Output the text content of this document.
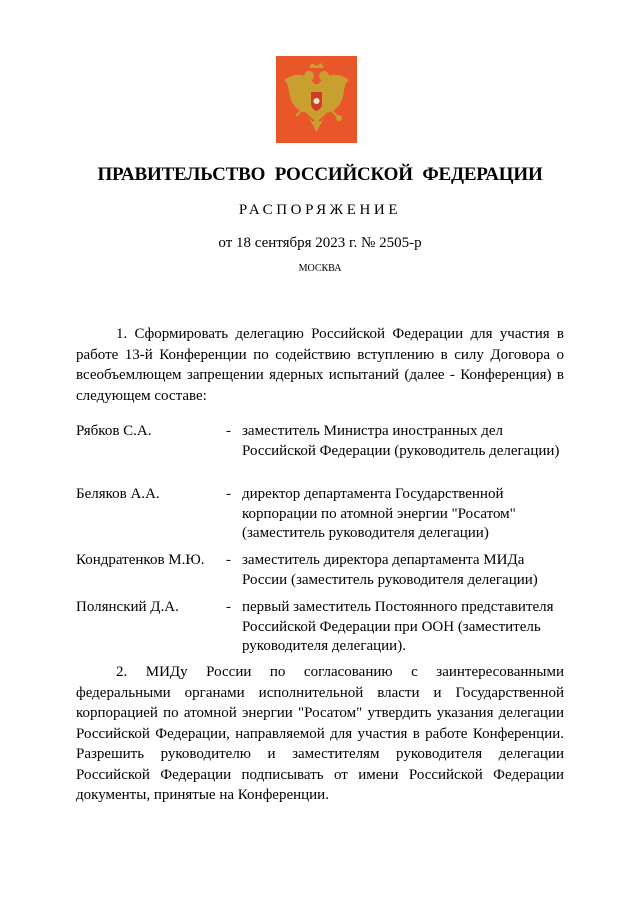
ПРАВИТЕЛЬСТВО РОССИЙСКОЙ ФЕДЕРАЦИИ
РАСПОРЯЖЕНИЕ
от 18 сентября 2023 г. № 2505-р
МОСКВА
1. Сформировать делегацию Российской Федерации для участия в работе 13-й Конференции по содействию вступлению в силу Договора о всеобъемлющем запрещении ядерных испытаний (далее - Конференция) в следующем составе:
Рябков С.А.	- заместитель Министра иностранных дел Российской Федерации (руководитель делегации)
Беляков А.А.	- директор департамента Государственной корпорации по атомной энергии "Росатом" (заместитель руководителя делегации)
Кондратенков М.Ю. - заместитель директора департамента МИДа России (заместитель руководителя делегации)
Полянский Д.А.	- первый заместитель Постоянного представителя Российской Федерации при ООН (заместитель руководителя делегации).
2. МИДу России по согласованию с заинтересованными федеральными органами исполнительной власти и Государственной корпорацией по атомной энергии "Росатом" утвердить указания делегации Российской Федерации, направляемой для участия в работе Конференции. Разрешить руководителю и заместителям руководителя делегации Российской Федерации подписывать от имени Российской Федерации документы, принятые на Конференции.
